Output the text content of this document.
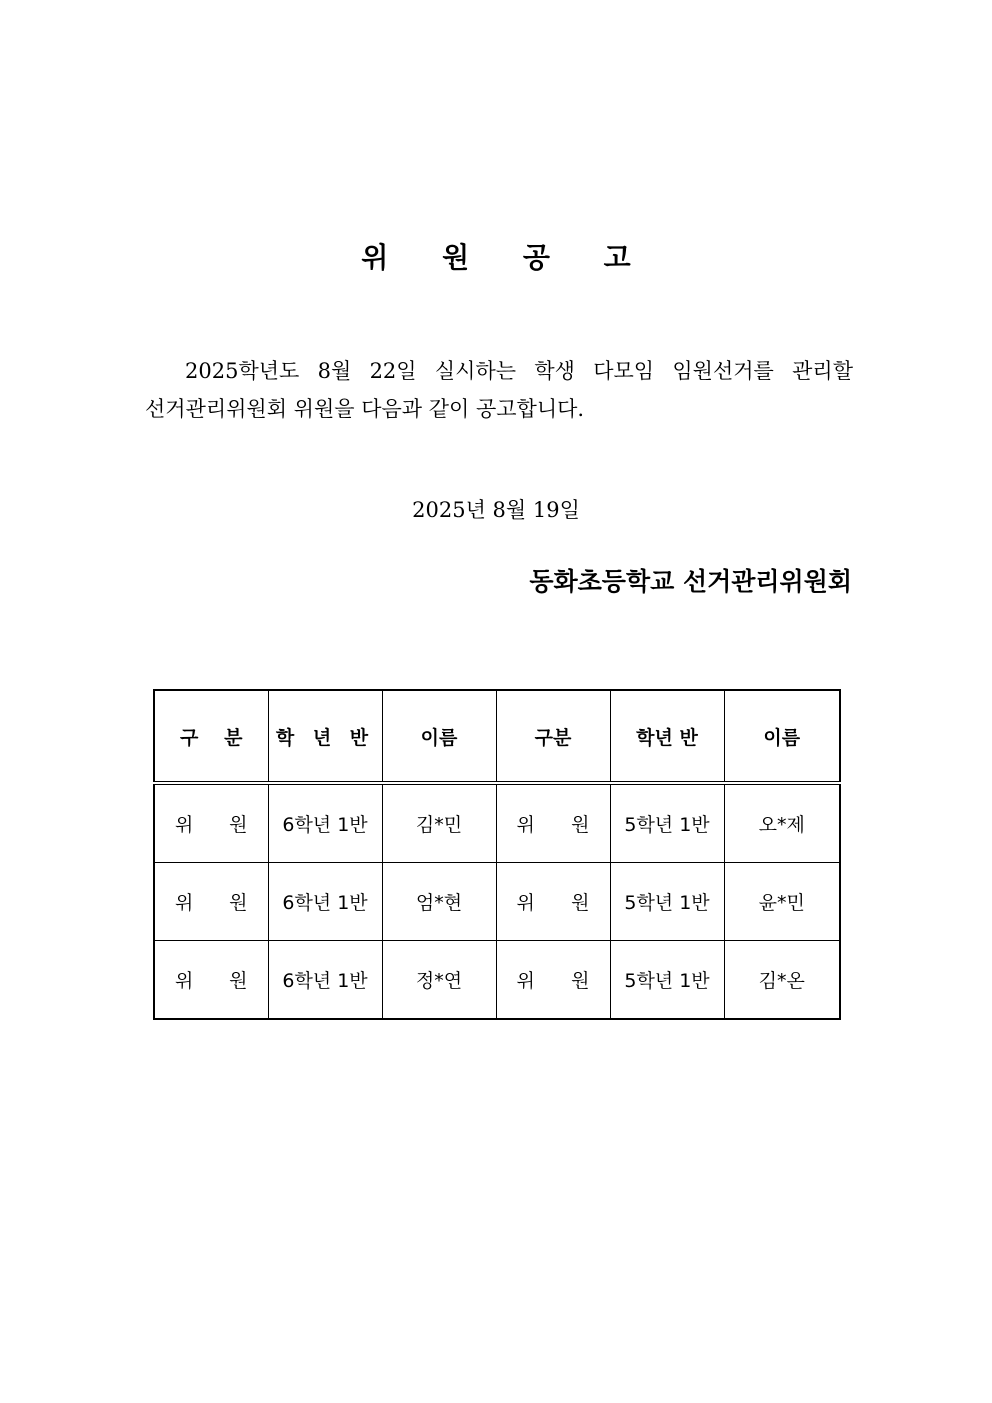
위 원 공 고
2025학년도 8월 22일 실시하는 학생 다모임 임원선거를 관리할
선거관리위원회 위원을 다음과 같이 공고합니다.
2025년 8월 19일
동화초등학교 선거관리위원회
구 분	학 년 반	이름	구분	학년 반	이름

위 원	6학년 1반	김*민	위 원	5학년 1반	오*제

위 원	6학년 1반	엄*현	위 원	5학년 1반	윤*민

위 원	6학년 1반	정*연	위 원	5학년 1반	김*온
